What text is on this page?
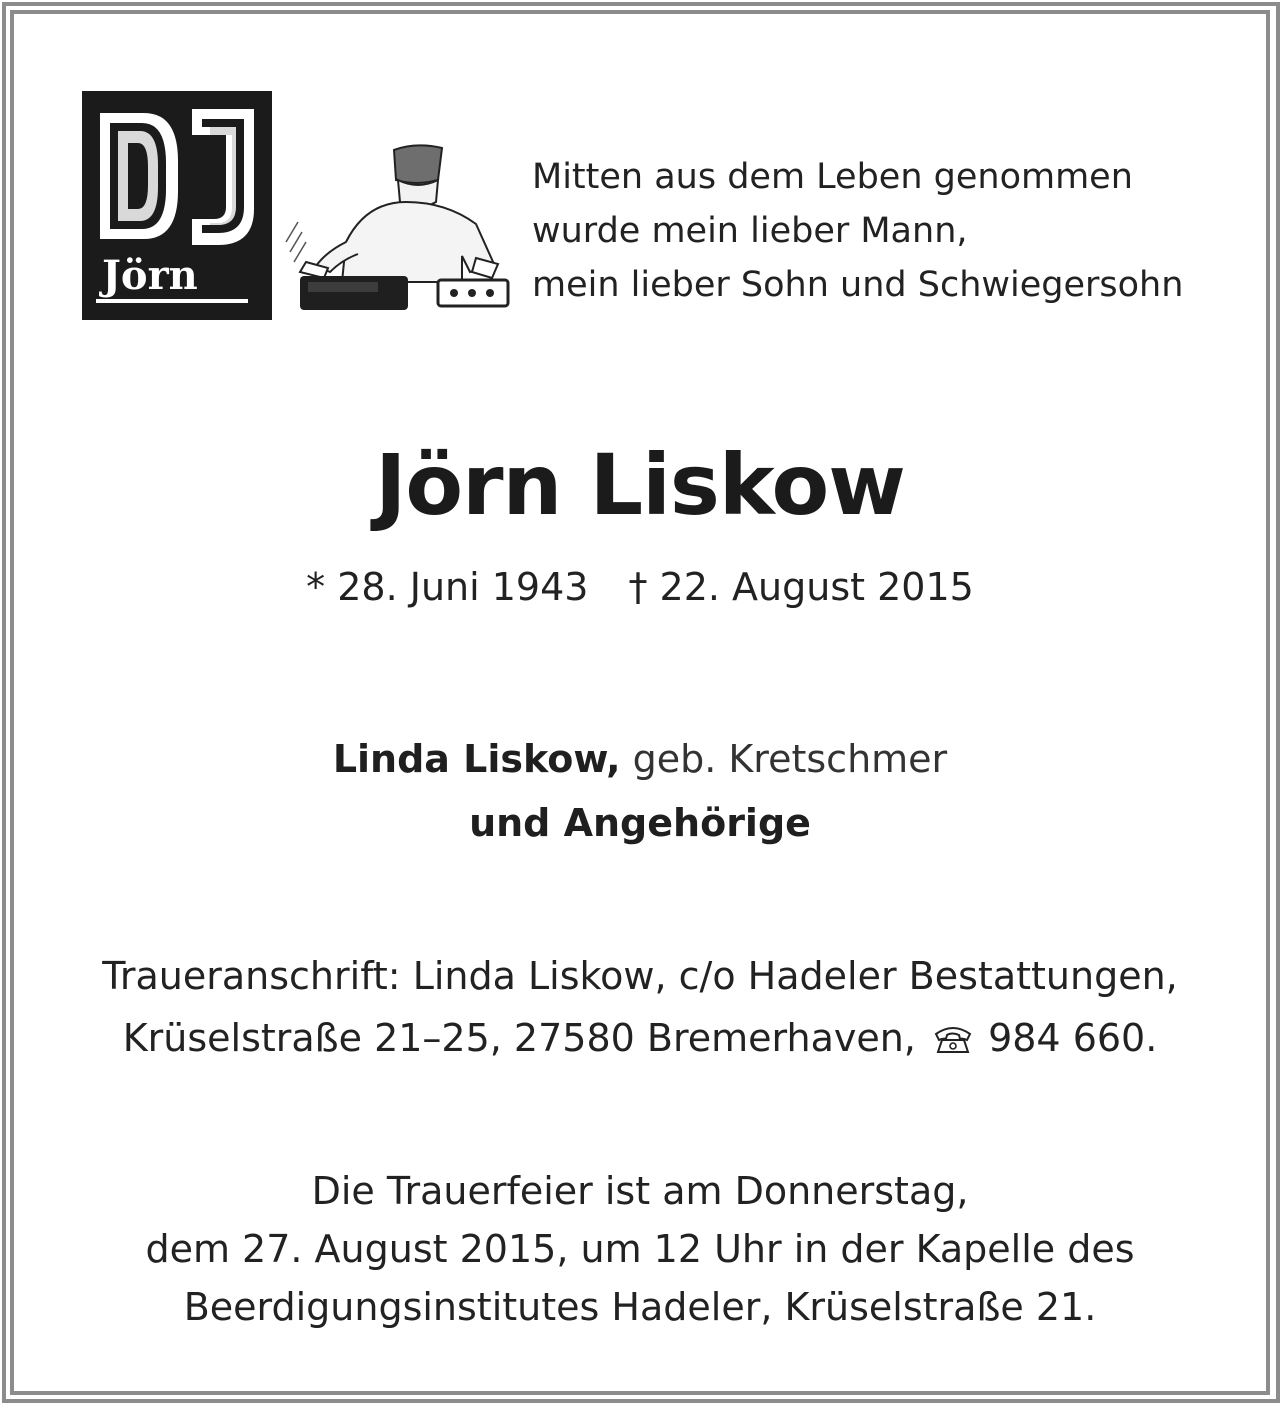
Jörn
Mitten aus dem Leben genommen
wurde mein lieber Mann,
mein lieber Sohn und Schwiegersohn
Jörn Liskow
* 28. Juni 1943 † 22. August 2015
Linda Liskow, geb. Kretschmer
und Angehörige
Traueranschrift: Linda Liskow, c/o Hadeler Bestattungen,
Krüselstraße 21–25, 27580 Bremerhaven, 984 660.
Die Trauerfeier ist am Donnerstag,
dem 27. August 2015, um 12 Uhr in der Kapelle des
Beerdigungsinstitutes Hadeler, Krüselstraße 21.
